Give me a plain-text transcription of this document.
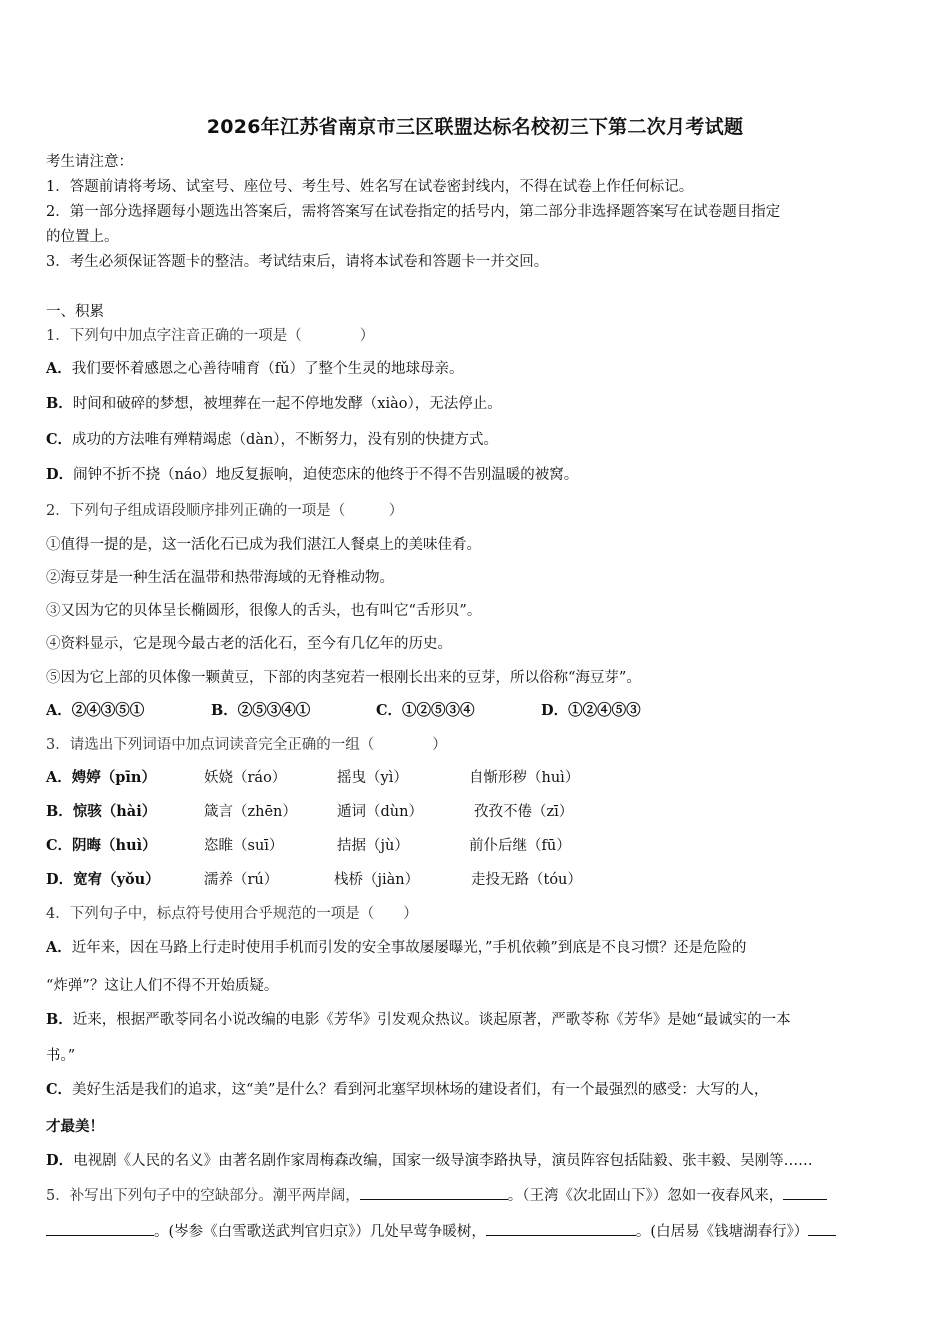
2026年江苏省南京市三区联盟达标名校初三下第二次月考试题
考生请注意：
1．答题前请将考场、试室号、座位号、考生号、姓名写在试卷密封线内，不得在试卷上作任何标记。
2．第一部分选择题每小题选出答案后，需将答案写在试卷指定的括号内，第二部分非选择题答案写在试卷题目指定
的位置上。
3．考生必须保证答题卡的整洁。考试结束后，请将本试卷和答题卡一并交回。
一、积累
1．下列句中加点字注音正确的一项是（　　　　）
A．我们要怀着感恩之心善待哺育（fǔ）了整个生灵的地球母亲。
B．时间和破碎的梦想，被埋葬在一起不停地发酵（xiào），无法停止。
C．成功的方法唯有殚精竭虑（dàn），不断努力，没有别的快捷方式。
D．闹钟不折不挠（náo）地反复振响，迫使恋床的他终于不得不告别温暖的被窝。
2．下列句子组成语段顺序排列正确的一项是（　　　）
①值得一提的是，这一活化石已成为我们湛江人餐桌上的美味佳肴。
②海豆芽是一种生活在温带和热带海域的无脊椎动物。
③又因为它的贝体呈长椭圆形，很像人的舌头，也有叫它“舌形贝”。
④资料显示，它是现今最古老的活化石，至今有几亿年的历史。
⑤因为它上部的贝体像一颗黄豆，下部的肉茎宛若一根刚长出来的豆芽，所以俗称“海豆芽”。
A．②④③⑤①	B．②⑤③④①	C．①②⑤③④	D．①②④⑤③
3．请选出下列词语中加点词读音完全正确的一组（　　　　）
A．娉婷（pīn）	妖娆（ráo）	摇曳（yì）	自惭形秽（huì）
B．惊骇（hài）	箴言（zhēn）	遁词（dùn）	孜孜不倦（zī）
C．阴晦（huì）	恣睢（suī）	拮据（jù）	前仆后继（fū）
D．宽宥（yǒu）	濡养（rú）	栈桥（jiàn）	走投无路（tóu）
4．下列句子中，标点符号使用合乎规范的一项是（　　）
A．近年来，因在马路上行走时使用手机而引发的安全事故屡屡曝光，”手机依赖”到底是不良习惯？还是危险的
“炸弹”？这让人们不得不开始质疑。
B．近来，根据严歌苓同名小说改编的电影《芳华》引发观众热议。谈起原著，严歌苓称《芳华》是她“最诚实的一本
书。”
C．美好生活是我们的追求，这“美”是什么？看到河北塞罕坝林场的建设者们，有一个最强烈的感受：大写的人，
才最美！
D．电视剧《人民的名义》由著名剧作家周梅森改编，国家一级导演李路执导，演员阵容包括陆毅、张丰毅、吴刚等……
5．补写出下列句子中的空缺部分。潮平两岸阔，	。（王湾《次北固山下》）忽如一夜春风来，
。(岑参《白雪歌送武判官归京》）几处早莺争暖树，	。(白居易《钱塘湖春行》）
